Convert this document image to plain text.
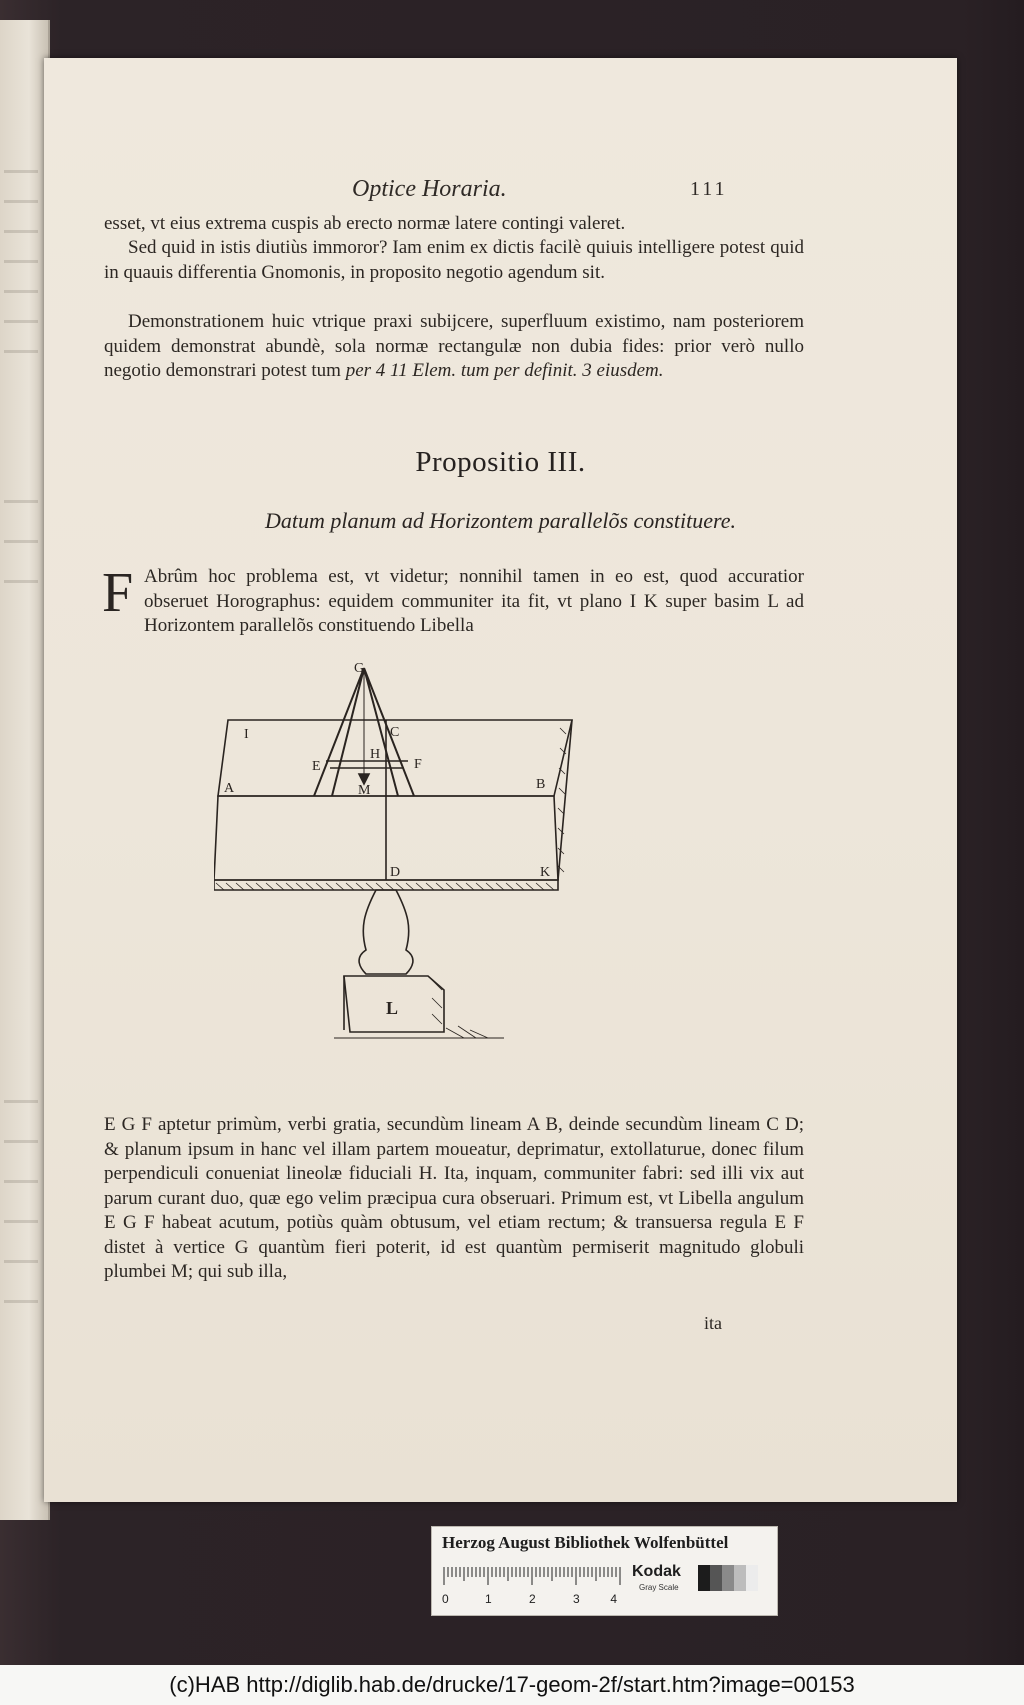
Optice Horaria.	111

esset, vt eius extrema cuspis ab erecto normæ latere contingi valeret.

Sed quid in istis diutiùs immoror? Iam enim ex dictis facilè quiuis intelligere potest quid in quauis differentia Gnomonis, in proposito negotio agendum sit.

Demonstrationem huic vtrique praxi subijcere, superfluum existimo, nam posteriorem quidem demonstrat abundè, sola normæ rectangulæ non dubia fides: prior verò nullo negotio demonstrari potest tum per 4 11 Elem. tum per definit. 3 eiusdem.

Propositio III.
Datum planum ad Horizontem parallelõs constituere.
F Abrûm hoc problema est, vt videtur; nonnihil tamen in eo est, quod accuratior obseruet Horographus: equidem communiter ita fit, vt plano I K super basim L ad Horizontem parallelõs constituendo Libella

G
C
I
H
E	F
M
A	B
D	K
L

E G F aptetur primùm, verbi gratia, secundùm lineam A B, deinde secundùm lineam C D; & planum ipsum in hanc vel illam partem moueatur, deprimatur, extollaturue, donec filum perpendiculi conueniat lineolæ fiduciali H. Ita, inquam, communiter fabri: sed illi vix aut parum curant duo, quæ ego velim præcipua cura obseruari. Primum est, vt Libella angulum E G F habeat acutum, potiùs quàm obtusum, vel etiam rectum; & transuersa regula E F distet à vertice G quantùm fieri poterit, id est quantùm permiserit magnitudo globuli plumbei M; qui sub illa,

ita
Herzog August Bibliothek Wolfenbüttel
0	1	2	3	4
Kodak
Gray Scale
(c)HAB http://diglib.hab.de/drucke/17-geom-2f/start.htm?image=00153
